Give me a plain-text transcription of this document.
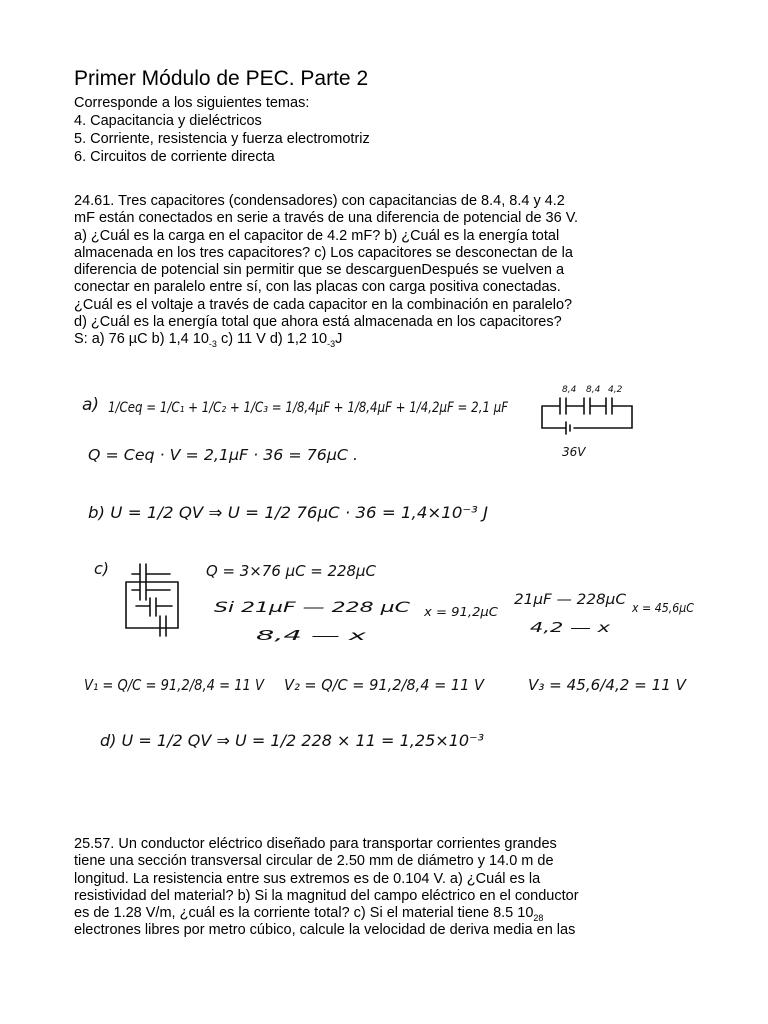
Primer Módulo de PEC. Parte 2
Corresponde a los siguientes temas:
4. Capacitancia y dieléctricos
5. Corriente, resistencia y fuerza electromotriz
6. Circuitos de corriente directa
24.61. Tres capacitores (condensadores) con capacitancias de 8.4, 8.4 y 4.2
mF están conectados en serie a través de una diferencia de potencial de 36 V.
a) ¿Cuál es la carga en el capacitor de 4.2 mF? b) ¿Cuál es la energía total
almacenada en los tres capacitores? c) Los capacitores se desconectan de la
diferencia de potencial sin permitir que se descarguenDespués se vuelven a
conectar en paralelo entre sí, con las placas con carga positiva conectadas.
¿Cuál es el voltaje a través de cada capacitor en la combinación en paralelo?
d) ¿Cuál es la energía total que ahora está almacenada en los capacitores?
S: a) 76 µC b) 1,4 $10_{-3}$ c) 11 V d) 1,2 $10_{-3}J$
a) 1/Ceq = 1/C₁ + 1/C₂ + 1/C₃ = 1/8,4µF + 1/8,4µF + 1/4,2µF = 2,1 µF
Q = Ceq · V = 2,1µF · 36 = 76µC .
8,4 8,4 4,2
36V
b) U = 1/2 QV ⇒ U = 1/2 76µC · 36 = 1,4×10⁻³ J
c)	Q = 3×76 µC = 228µC
Si 21µF — 228 µC
8,4 — x
x = 91,2µC
21µF — 228µC
4,2 — x
x = 45,6µC
V₁ = Q/C = 91,2/8,4 = 11 V V₂ = Q/C = 91,2/8,4 = 11 V	V₃ = 45,6/4,2 = 11 V
d) U = 1/2 QV ⇒ U = 1/2 228 × 11 = 1,25×10⁻³
25.57. Un conductor eléctrico diseñado para transportar corrientes grandes
tiene una sección transversal circular de 2.50 mm de diámetro y 14.0 m de
longitud. La resistencia entre sus extremos es de 0.104 V. a) ¿Cuál es la
resistividad del material? b) Si la magnitud del campo eléctrico en el conductor
es de 1.28 V/m, ¿cuál es la corriente total? c) Si el material tiene 8.5 $10_{28}$
electrones libres por metro cúbico, calcule la velocidad de deriva media en las
